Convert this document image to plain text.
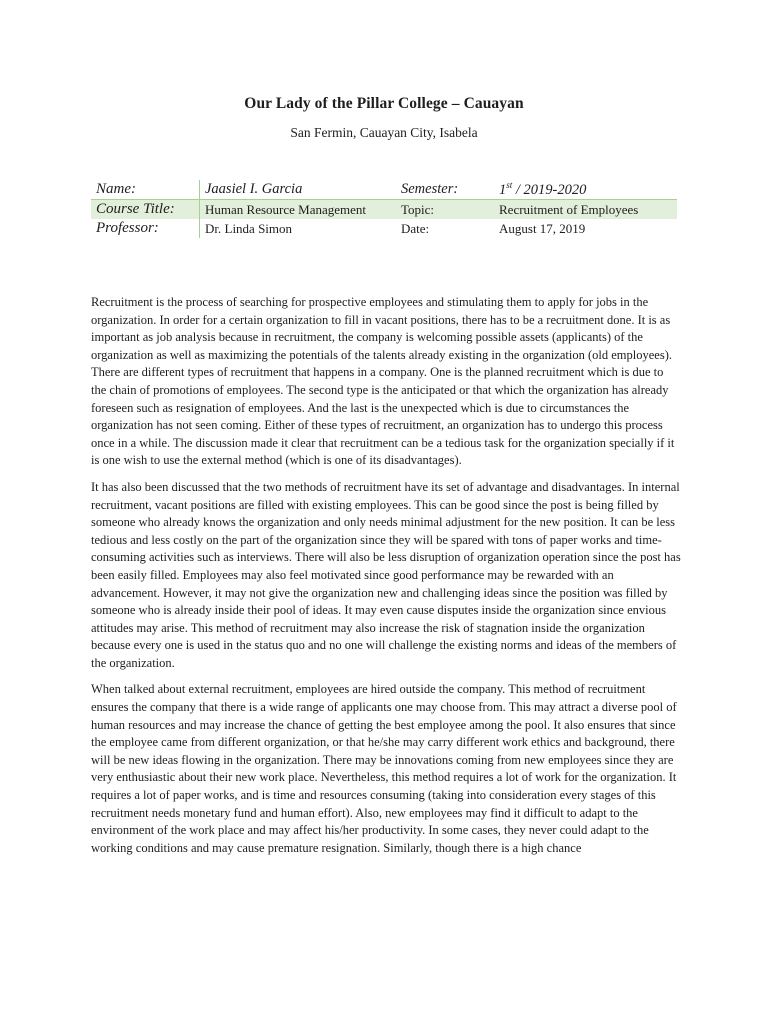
Our Lady of the Pillar College – Cauayan
San Fermin, Cauayan City, Isabela
Name:	Jaasiel I. Garcia	Semester:	1st / 2019-2020
Course Title:	Human Resource Management	Topic:	Recruitment of Employees
Professor:	Dr. Linda Simon	Date:	August 17, 2019

Recruitment is the process of searching for prospective employees and stimulating them to apply for jobs in the organization. In order for a certain organization to fill in vacant positions, there has to be a recruitment done. It is as important as job analysis because in recruitment, the company is welcoming possible assets (applicants) of the organization as well as maximizing the potentials of the talents already existing in the organization (old employees). There are different types of recruitment that happens in a company. One is the planned recruitment which is due to the chain of promotions of employees. The second type is the anticipated or that which the organization has already foreseen such as resignation of employees. And the last is the unexpected which is due to circumstances the organization has not seen coming. Either of these types of recruitment, an organization has to undergo this process once in a while. The discussion made it clear that recruitment can be a tedious task for the organization specially if it is one wish to use the external method (which is one of its disadvantages).

It has also been discussed that the two methods of recruitment have its set of advantage and disadvantages. In internal recruitment, vacant positions are filled with existing employees. This can be good since the post is being filled by someone who already knows the organization and only needs minimal adjustment for the new position. It can be less tedious and less costly on the part of the organization since they will be spared with tons of paper works and time-consuming activities such as interviews. There will also be less disruption of organization operation since the post has been easily filled. Employees may also feel motivated since good performance may be rewarded with an advancement. However, it may not give the organization new and challenging ideas since the position was filled by someone who is already inside their pool of ideas. It may even cause disputes inside the organization since envious attitudes may arise. This method of recruitment may also increase the risk of stagnation inside the organization because every one is used in the status quo and no one will challenge the existing norms and ideas of the members of the organization.

When talked about external recruitment, employees are hired outside the company. This method of recruitment ensures the company that there is a wide range of applicants one may choose from. This may attract a diverse pool of human resources and may increase the chance of getting the best employee among the pool. It also ensures that since the employee came from different organization, or that he/she may carry different work ethics and background, there will be new ideas flowing in the organization. There may be innovations coming from new employees since they are very enthusiastic about their new work place. Nevertheless, this method requires a lot of work for the organization. It requires a lot of paper works, and is time and resources consuming (taking into consideration every stages of this recruitment needs monetary fund and human effort). Also, new employees may find it difficult to adapt to the environment of the work place and may affect his/her productivity. In some cases, they never could adapt to the working conditions and may cause premature resignation. Similarly, though there is a high chance
